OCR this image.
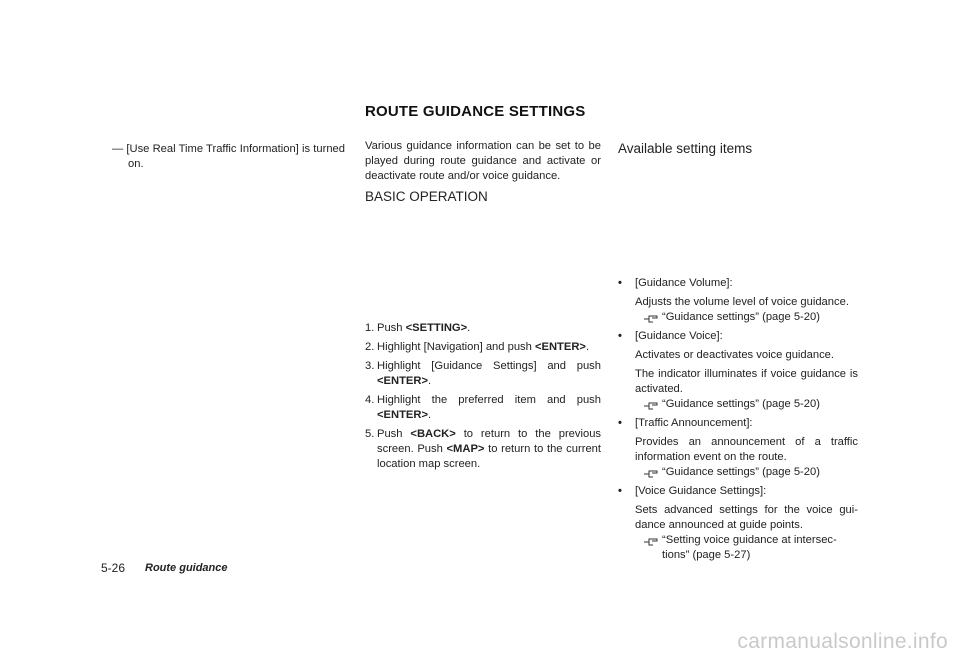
ROUTE GUIDANCE SETTINGS
— [Use Real Time Traffic Information] is turned on.
Various guidance information can be set to be played during route guidance and activate or deactivate route and/or voice guidance.
BASIC OPERATION
1. Push <SETTING>.
2. Highlight [Navigation] and push <ENTER>.
3. Highlight [Guidance Settings] and push <ENTER>.
4. Highlight the preferred item and push <ENTER>.
5. Push <BACK> to return to the previous screen. Push <MAP> to return to the current location map screen.
Available setting items
• [Guidance Volume]:
Adjusts the volume level of voice guidance.
“Guidance settings” (page 5-20)
• [Guidance Voice]:
Activates or deactivates voice guidance.
The indicator illuminates if voice guidance is activated.
“Guidance settings” (page 5-20)
• [Traffic Announcement]:
Provides an announcement of a traffic information event on the route.
“Guidance settings” (page 5-20)
• [Voice Guidance Settings]:
Sets advanced settings for the voice gui-dance announced at guide points.
“Setting voice guidance at intersec-tions” (page 5-27)
5-26 Route guidance
carmanualsonline.info
